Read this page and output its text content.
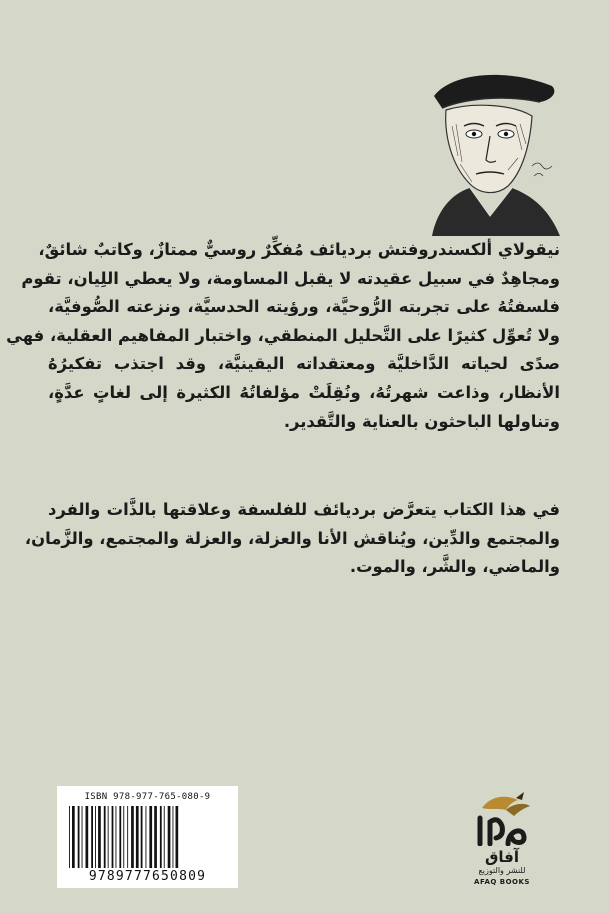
نيقولاي ألكسندروفتش برديائف مُفكِّرٌ روسيٌّ ممتازٌ، وكاتبٌ شائقٌ،
ومجاهِدٌ في سبيل عقيدته لا يقبل المساومة، ولا يعطي اللِيان، تقوم
فلسفتُهُ على تجربته الرُّوحيَّة، ورؤيته الحدسيَّة، ونزعته الصُّوفيَّة،
ولا تُعوِّل كثيرًا على التَّحليل المنطقي، واختبار المفاهيم العقلية، فهي
صدًى لحياته الدَّاخليَّة ومعتقداته اليقينيَّة، وقد اجتذب تفكيرُهُ
الأنظار، وذاعت شهرتُهُ، ونُقِلَتْ مؤلفاتُهُ الكثيرة إلى لغاتٍ عدَّةٍ،
وتناولها الباحثون بالعناية والتَّقدير.
في هذا الكتاب يتعرَّض برديائف للفلسفة وعلاقتها بالذَّات والفرد
والمجتمع والدِّين، ويُناقش الأنا والعزلة، والعزلة والمجتمع، والزَّمان،
والماضي، والشَّر، والموت.
ISBN 978-977-765-080-9
9789777650809
آفاق
للنشر والتوزيع
AFAQ BOOKS
